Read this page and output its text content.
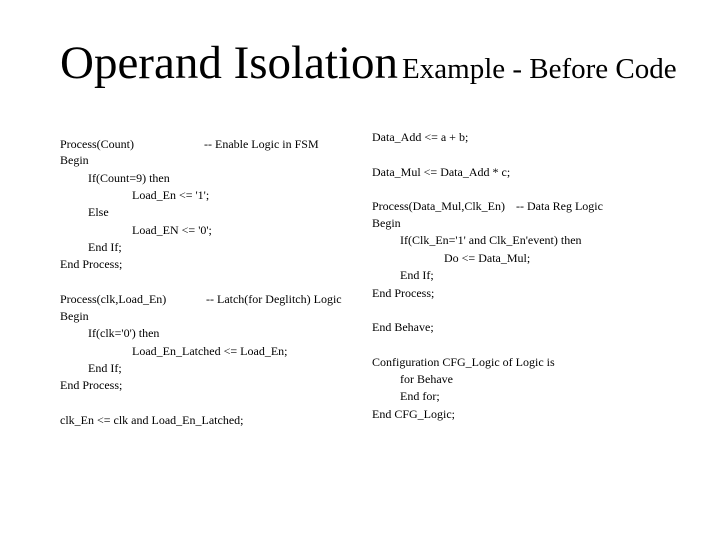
Operand Isolation Example - Before Code
Process(Count)	-- Enable Logic in FSM
Begin
If(Count=9) then
Load_En <= '1';
Else
Load_EN <= '0';
End If;
End Process;
Process(clk,Load_En)	-- Latch(for Deglitch) Logic
Begin
If(clk='0') then
Load_En_Latched <= Load_En;
End If;
End Process;
clk_En <= clk and Load_En_Latched;
Data_Add <= a + b;
Data_Mul <= Data_Add * c;
Process(Data_Mul,Clk_En) -- Data Reg Logic
Begin
If(Clk_En='1' and Clk_En'event) then
Do <= Data_Mul;
End If;
End Process;
End Behave;
Configuration CFG_Logic of Logic is
for Behave
End for;
End CFG_Logic;
